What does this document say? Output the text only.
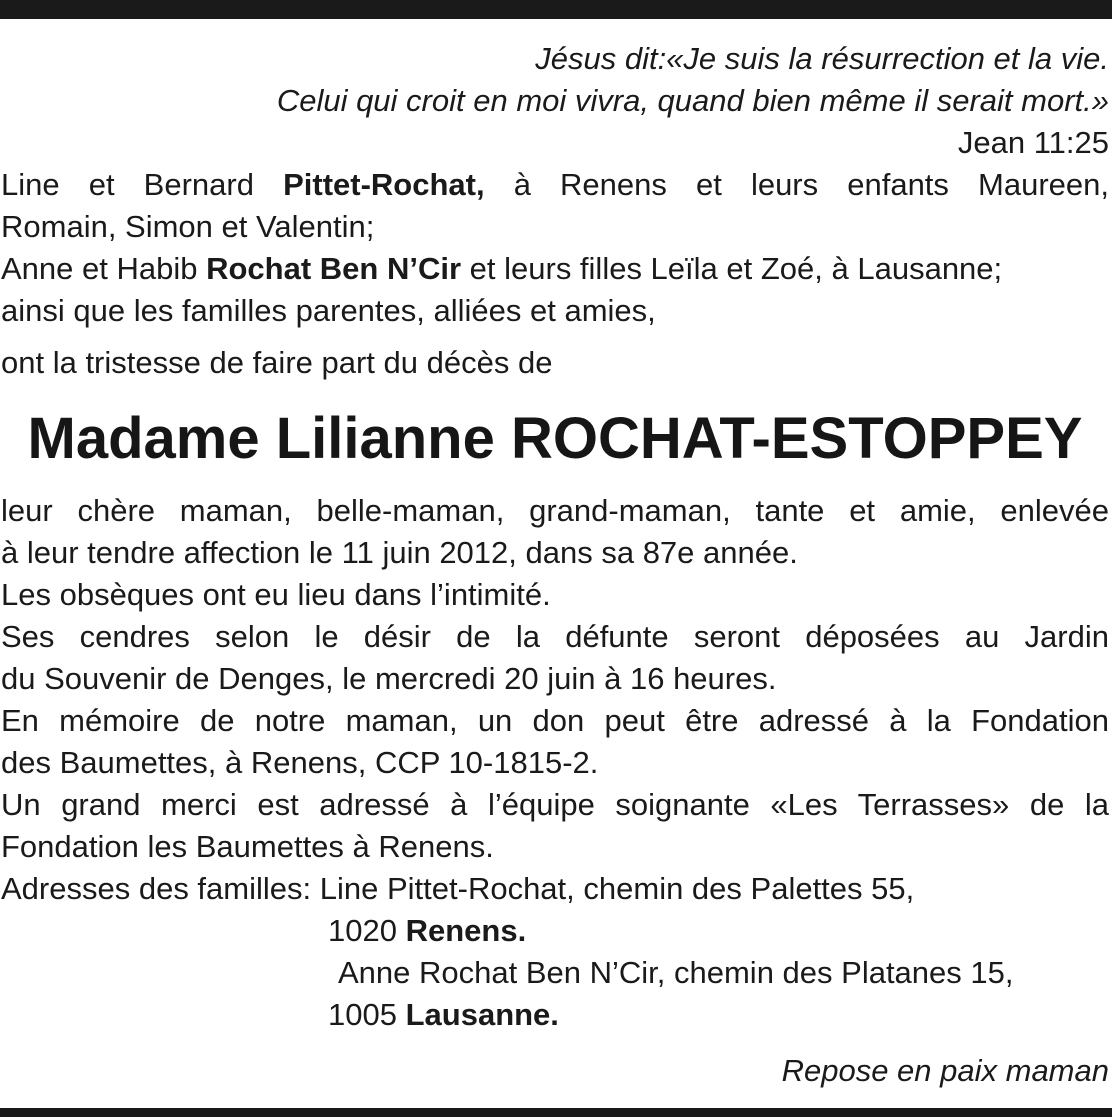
Jésus dit:«Je suis la résurrection et la vie.
Celui qui croit en moi vivra, quand bien même il serait mort.»
Jean 11:25
Line et Bernard Pittet-Rochat, à Renens et leurs enfants Maureen,
Romain, Simon et Valentin;
Anne et Habib Rochat Ben N’Cir et leurs filles Leïla et Zoé, à Lausanne;
ainsi que les familles parentes, alliées et amies,
ont la tristesse de faire part du décès de
Madame Lilianne ROCHAT-ESTOPPEY
leur chère maman, belle-maman, grand-maman, tante et amie, enlevée
à leur tendre affection le 11 juin 2012, dans sa 87e année.
Les obsèques ont eu lieu dans l’intimité.
Ses cendres selon le désir de la défunte seront déposées au Jardin
du Souvenir de Denges, le mercredi 20 juin à 16 heures.
En mémoire de notre maman, un don peut être adressé à la Fondation
des Baumettes, à Renens, CCP 10-1815-2.
Un grand merci est adressé à l’équipe soignante «Les Terrasses» de la
Fondation les Baumettes à Renens.
Adresses des familles: Line Pittet-Rochat, chemin des Palettes 55,
1020 Renens.
Anne Rochat Ben N’Cir, chemin des Platanes 15,
1005 Lausanne.
Repose en paix maman
